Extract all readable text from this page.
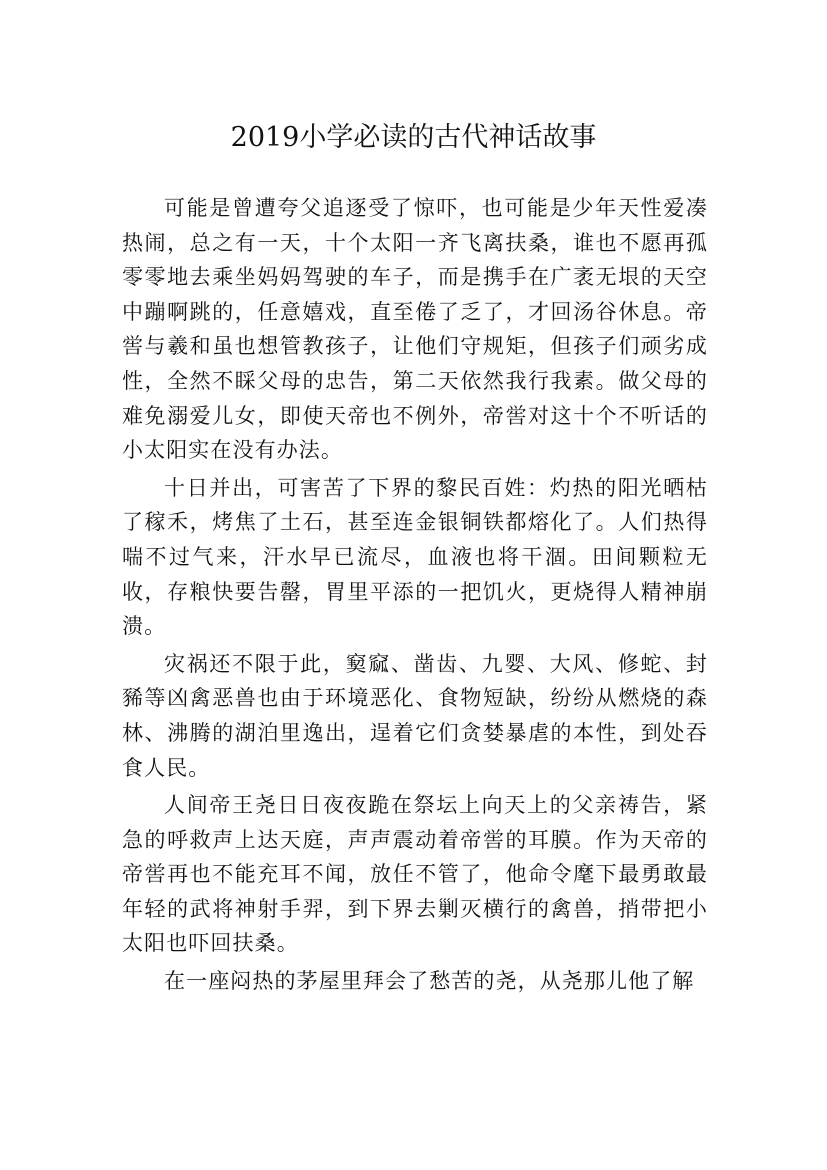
2019小学必读的古代神话故事

可能是曾遭夸父追逐受了惊吓，也可能是少年天性爱凑热闹，总之有一天，十个太阳一齐飞离扶桑，谁也不愿再孤零零地去乘坐妈妈驾驶的车子，而是携手在广袤无垠的天空中蹦啊跳的，任意嬉戏，直至倦了乏了，才回汤谷休息。帝喾与羲和虽也想管教孩子，让他们守规矩，但孩子们顽劣成性，全然不睬父母的忠告，第二天依然我行我素。做父母的难免溺爱儿女，即使天帝也不例外，帝喾对这十个不听话的小太阳实在没有办法。

十日并出，可害苦了下界的黎民百姓：灼热的阳光晒枯了稼禾，烤焦了土石，甚至连金银铜铁都熔化了。人们热得喘不过气来，汗水早已流尽，血液也将干涸。田间颗粒无收，存粮快要告罄，胃里平添的一把饥火，更烧得人精神崩溃。

灾祸还不限于此，窫窳、凿齿、九婴、大风、修蛇、封豨等凶禽恶兽也由于环境恶化、食物短缺，纷纷从燃烧的森林、沸腾的湖泊里逸出，逞着它们贪婪暴虐的本性，到处吞食人民。

人间帝王尧日日夜夜跪在祭坛上向天上的父亲祷告，紧急的呼救声上达天庭，声声震动着帝喾的耳膜。作为天帝的帝喾再也不能充耳不闻，放任不管了，他命令麾下最勇敢最年轻的武将神射手羿，到下界去剿灭横行的禽兽，捎带把小太阳也吓回扶桑。

在一座闷热的茅屋里拜会了愁苦的尧，从尧那儿他了解
